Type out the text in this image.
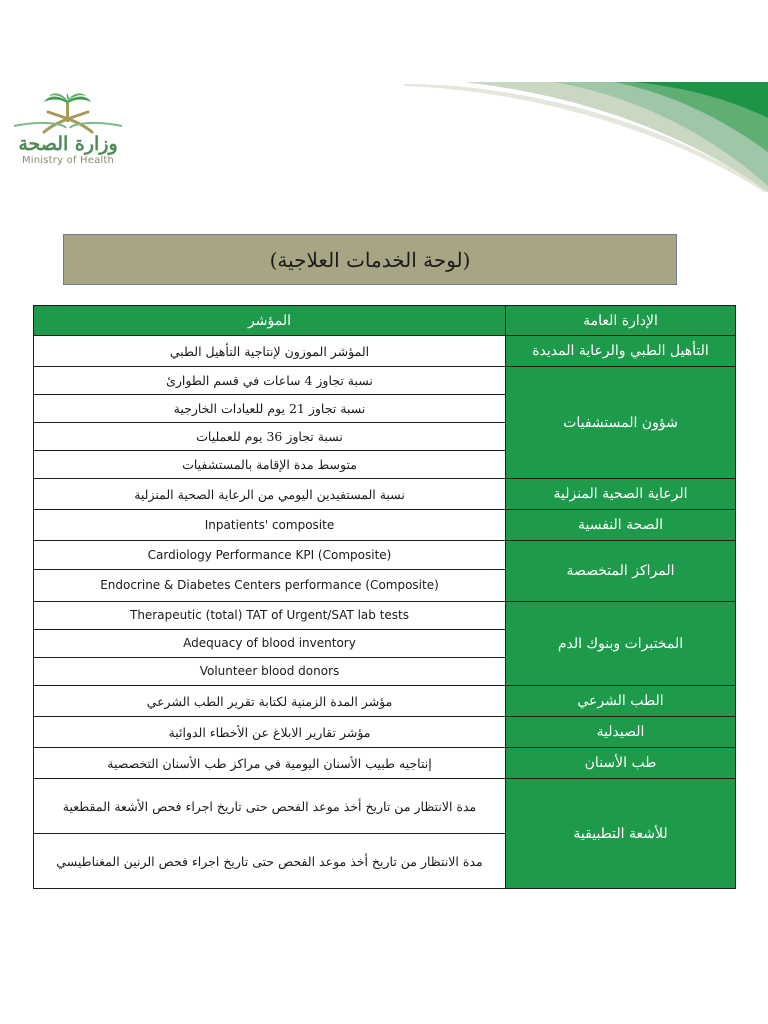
وزارة الصحة
Ministry of Health
(لوحة الخدمات العلاجية)
الإدارة العامة	المؤشر
التأهيل الطبي والرعاية المديدة	المؤشر الموزون لإنتاجية التأهيل الطبي
شؤون المستشفيات	نسبة تجاوز 4 ساعات في قسم الطوارئ
	نسبة تجاوز 21 يوم للعيادات الخارجية
	نسبة تجاوز 36 يوم للعمليات
	متوسط مدة الإقامة بالمستشفيات
الرعاية الصحية المنزلية	نسبة المستفيدين اليومي من الرعاية الصحية المنزلية
الصحة النفسية	Inpatients' composite
المراكز المتخصصة	Cardiology Performance KPI (Composite)
	Endocrine & Diabetes Centers performance (Composite)
المختبرات وبنوك الدم	Therapeutic (total) TAT of Urgent/SAT lab tests
	Adequacy of blood inventory
	Volunteer blood donors
الطب الشرعي	مؤشر المدة الزمنية لكتابة تقرير الطب الشرعي
الصيدلية	مؤشر تقارير الابلاغ عن الأخطاء الدوائية
طب الأسنان	إنتاجيه طبيب الأسنان اليومية في مراكز طب الأسنان التخصصية
للأشعة التطبيقية	مدة الانتظار من تاريخ أخذ موعد الفحص حتى تاريخ اجراء فحص الأشعة المقطعية
	مدة الانتظار من تاريخ أخذ موعد الفحص حتى تاريخ اجراء فحص الرنين المغناطيسي
